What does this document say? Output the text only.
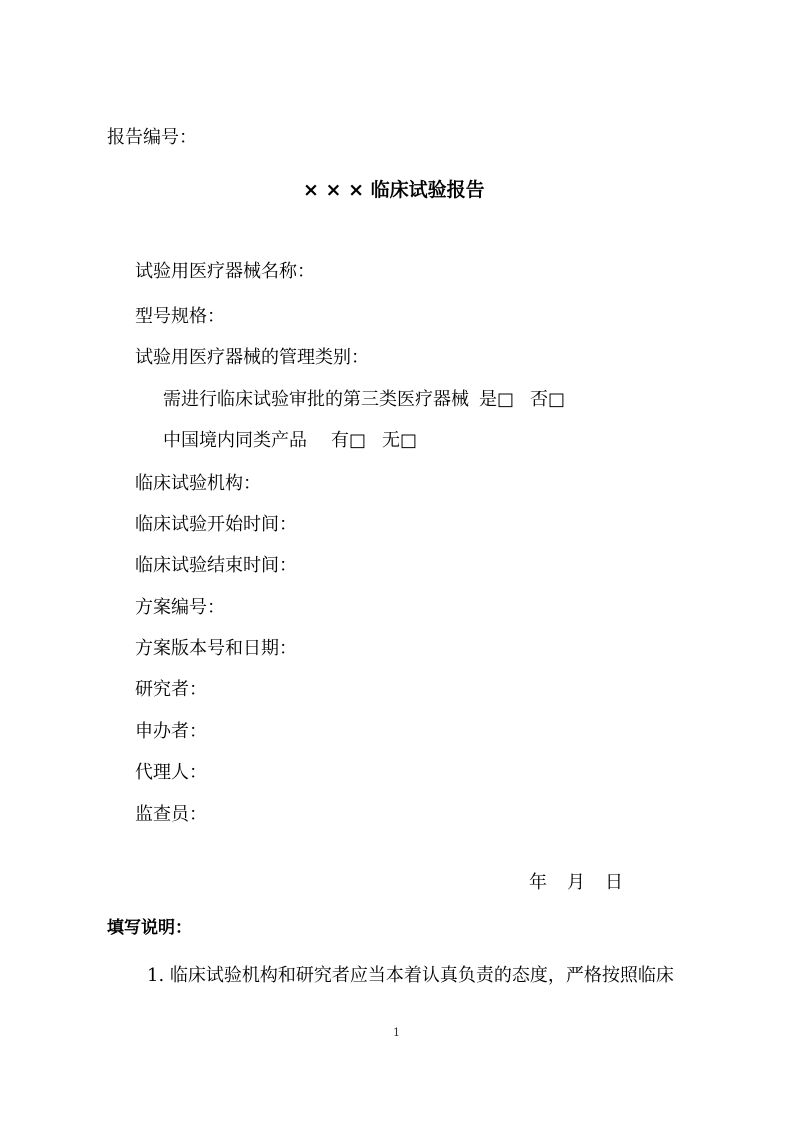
报告编号：
× × × 临床试验报告
试验用医疗器械名称：
型号规格：
试验用医疗器械的管理类别：
需进行临床试验审批的第三类医疗器械 是□ 否□
中国境内同类产品 有□ 无□
临床试验机构：
临床试验开始时间：
临床试验结束时间：
方案编号：
方案版本号和日期：
研究者：
申办者：
代理人：
监查员：
年 月 日
填写说明：
1. 临床试验机构和研究者应当本着认真负责的态度，严格按照临床
1
